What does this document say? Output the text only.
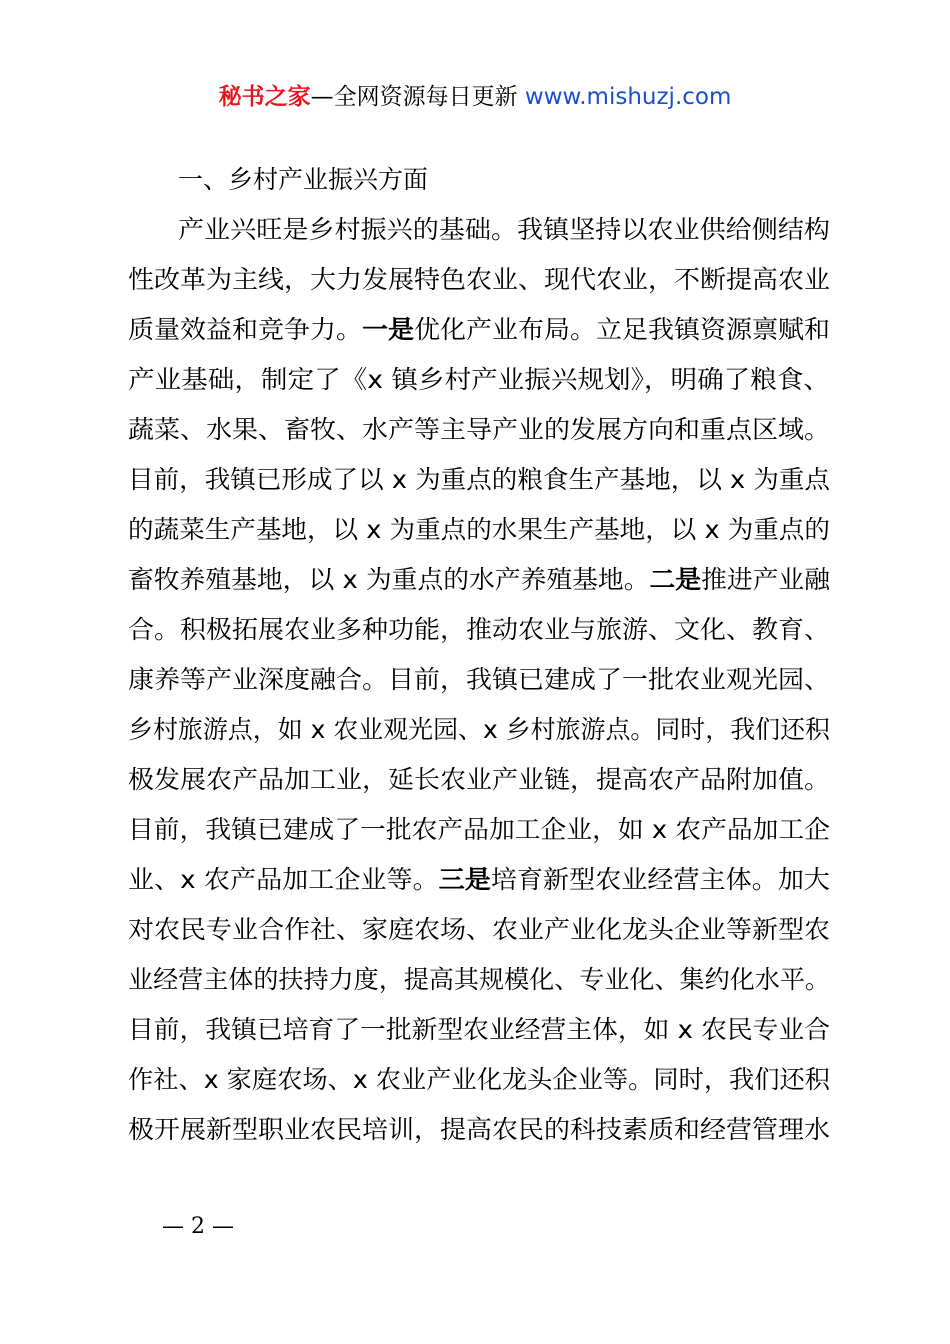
秘书之家—全网资源每日更新 www.mishuzj.com
一、乡村产业振兴方面
产业兴旺是乡村振兴的基础。我镇坚持以农业供给侧结构
性改革为主线，大力发展特色农业、现代农业，不断提高农业
质量效益和竞争力。一是优化产业布局。立足我镇资源禀赋和
产业基础，制定了《x 镇乡村产业振兴规划》，明确了粮食、
蔬菜、水果、畜牧、水产等主导产业的发展方向和重点区域。
目前，我镇已形成了以 x 为重点的粮食生产基地，以 x 为重点
的蔬菜生产基地，以 x 为重点的水果生产基地，以 x 为重点的
畜牧养殖基地，以 x 为重点的水产养殖基地。二是推进产业融
合。积极拓展农业多种功能，推动农业与旅游、文化、教育、
康养等产业深度融合。目前，我镇已建成了一批农业观光园、
乡村旅游点，如 x 农业观光园、x 乡村旅游点。同时，我们还积
极发展农产品加工业，延长农业产业链，提高农产品附加值。
目前，我镇已建成了一批农产品加工企业，如 x 农产品加工企
业、x 农产品加工企业等。三是培育新型农业经营主体。加大
对农民专业合作社、家庭农场、农业产业化龙头企业等新型农
业经营主体的扶持力度，提高其规模化、专业化、集约化水平。
目前，我镇已培育了一批新型农业经营主体，如 x 农民专业合
作社、x 家庭农场、x 农业产业化龙头企业等。同时，我们还积
极开展新型职业农民培训，提高农民的科技素质和经营管理水
— 2 —
